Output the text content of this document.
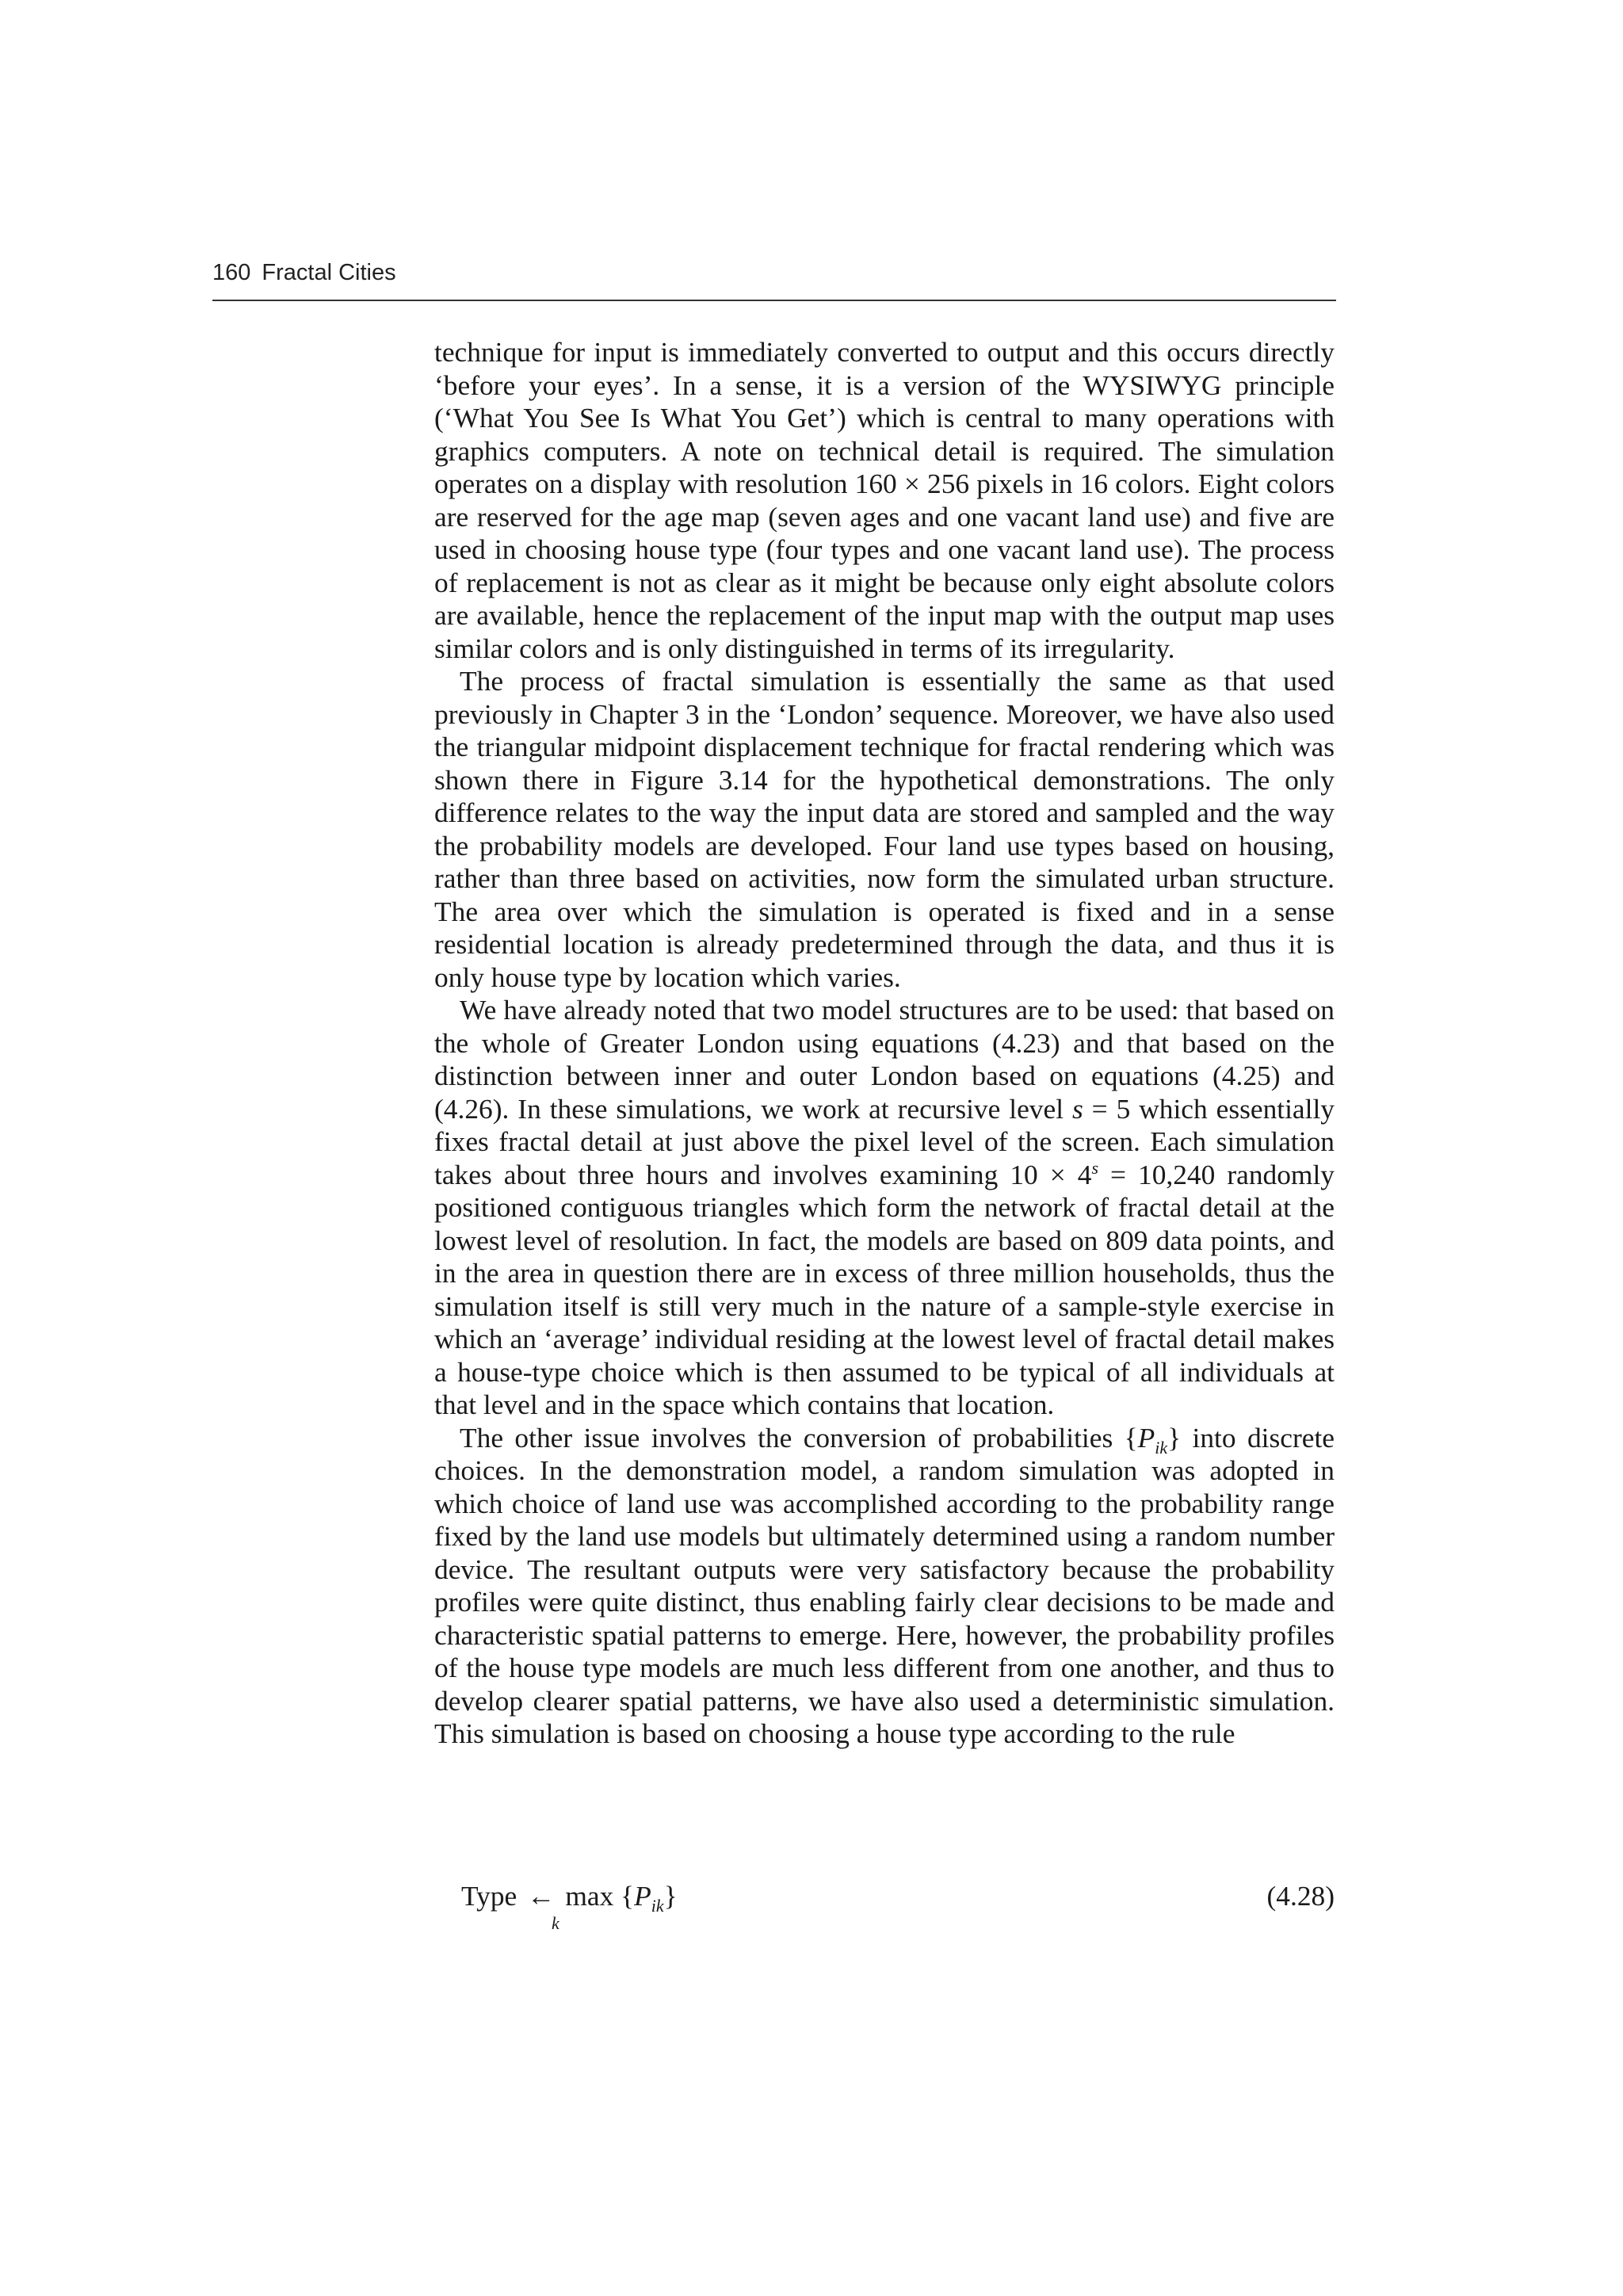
160 Fractal Cities

technique for input is immediately converted to output and this occurs directly ‘before your eyes’. In a sense, it is a version of the WYSIWYG principle (‘What You See Is What You Get’) which is central to many operations with graphics computers. A note on technical detail is required. The simulation operates on a display with resolution 160 × 256 pixels in 16 colors. Eight colors are reserved for the age map (seven ages and one vacant land use) and five are used in choosing house type (four types and one vacant land use). The process of replacement is not as clear as it might be because only eight absolute colors are available, hence the replacement of the input map with the output map uses similar colors and is only distinguished in terms of its irregularity.

The process of fractal simulation is essentially the same as that used previously in Chapter 3 in the ‘London’ sequence. Moreover, we have also used the triangular midpoint displacement technique for fractal rendering which was shown there in Figure 3.14 for the hypothetical demonstrations. The only difference relates to the way the input data are stored and sampled and the way the probability models are developed. Four land use types based on housing, rather than three based on activities, now form the simulated urban structure. The area over which the simulation is operated is fixed and in a sense residential location is already predetermined through the data, and thus it is only house type by location which varies.

We have already noted that two model structures are to be used: that based on the whole of Greater London using equations (4.23) and that based on the distinction between inner and outer London based on equations (4.25) and (4.26). In these simulations, we work at recursive level s = 5 which essentially fixes fractal detail at just above the pixel level of the screen. Each simulation takes about three hours and involves examining $10 \times 4^s = 10,240$ randomly positioned contiguous triangles which form the network of fractal detail at the lowest level of resolution. In fact, the models are based on 809 data points, and in the area in question there are in excess of three million households, thus the simulation itself is still very much in the nature of a sample-style exercise in which an ‘average’ individual residing at the lowest level of fractal detail makes a house-type choice which is then assumed to be typical of all individuals at that level and in the space which contains that location.

The other issue involves the conversion of probabilities $\{P_{ik}\}$ into discrete choices. In the demonstration model, a random simulation was adopted in which choice of land use was accomplished according to the probability range fixed by the land use models but ultimately determined using a random number device. The resultant outputs were very satisfactory because the probability profiles were quite distinct, thus enabling fairly clear decisions to be made and characteristic spatial patterns to emerge. Here, however, the probability profiles of the house type models are much less different from one another, and thus to develop clearer spatial patterns, we have also used a deterministic simulation. This simulation is based on choosing a house type according to the rule

Type ← $\max \{P_{ik}\}$
k
(4.28)
